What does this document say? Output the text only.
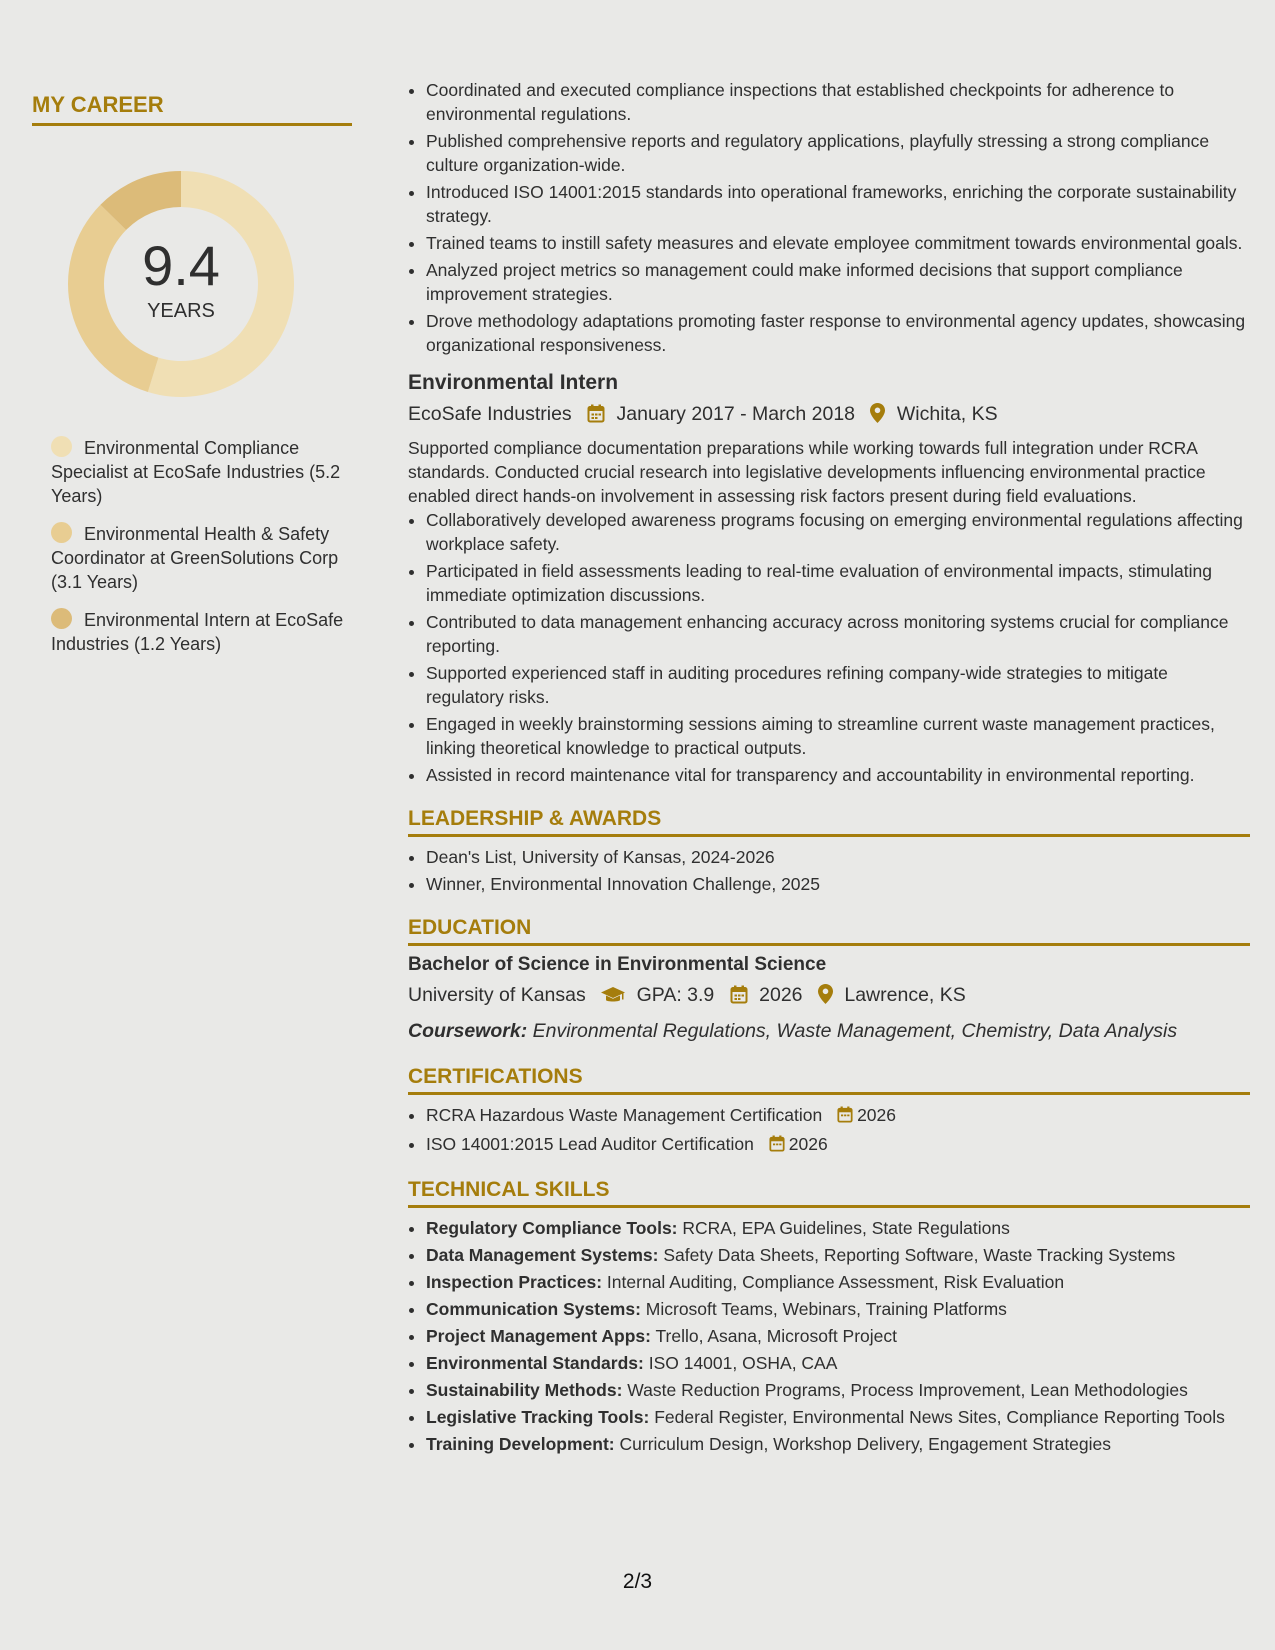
MY CAREER
9.4
YEARS
Environmental Compliance Specialist at EcoSafe Industries (5.2 Years)
Environmental Health & Safety Coordinator at GreenSolutions Corp (3.1 Years)
Environmental Intern at EcoSafe Industries (1.2 Years)
• Coordinated and executed compliance inspections that established checkpoints for adherence to environmental regulations.
• Published comprehensive reports and regulatory applications, playfully stressing a strong compliance culture organization-wide.
• Introduced ISO 14001:2015 standards into operational frameworks, enriching the corporate sustainability strategy.
• Trained teams to instill safety measures and elevate employee commitment towards environmental goals.
• Analyzed project metrics so management could make informed decisions that support compliance improvement strategies.
• Drove methodology adaptations promoting faster response to environmental agency updates, showcasing organizational responsiveness.
Environmental Intern
EcoSafe Industries January 2017 - March 2018 Wichita, KS
Supported compliance documentation preparations while working towards full integration under RCRA standards. Conducted crucial research into legislative developments influencing environmental practice enabled direct hands-on involvement in assessing risk factors present during field evaluations.
• Collaboratively developed awareness programs focusing on emerging environmental regulations affecting workplace safety.
• Participated in field assessments leading to real-time evaluation of environmental impacts, stimulating immediate optimization discussions.
• Contributed to data management enhancing accuracy across monitoring systems crucial for compliance reporting.
• Supported experienced staff in auditing procedures refining company-wide strategies to mitigate regulatory risks.
• Engaged in weekly brainstorming sessions aiming to streamline current waste management practices, linking theoretical knowledge to practical outputs.
• Assisted in record maintenance vital for transparency and accountability in environmental reporting.
LEADERSHIP & AWARDS
• Dean's List, University of Kansas, 2024-2026
• Winner, Environmental Innovation Challenge, 2025
EDUCATION
Bachelor of Science in Environmental Science
University of Kansas	GPA: 3.9 2026 Lawrence, KS
Coursework: Environmental Regulations, Waste Management, Chemistry, Data Analysis
CERTIFICATIONS
• RCRA Hazardous Waste Management Certification 2026
• ISO 14001:2015 Lead Auditor Certification 2026
TECHNICAL SKILLS
• Regulatory Compliance Tools: RCRA, EPA Guidelines, State Regulations
• Data Management Systems: Safety Data Sheets, Reporting Software, Waste Tracking Systems
• Inspection Practices: Internal Auditing, Compliance Assessment, Risk Evaluation
• Communication Systems: Microsoft Teams, Webinars, Training Platforms
• Project Management Apps: Trello, Asana, Microsoft Project
• Environmental Standards: ISO 14001, OSHA, CAA
• Sustainability Methods: Waste Reduction Programs, Process Improvement, Lean Methodologies
• Legislative Tracking Tools: Federal Register, Environmental News Sites, Compliance Reporting Tools
• Training Development: Curriculum Design, Workshop Delivery, Engagement Strategies
2/3
